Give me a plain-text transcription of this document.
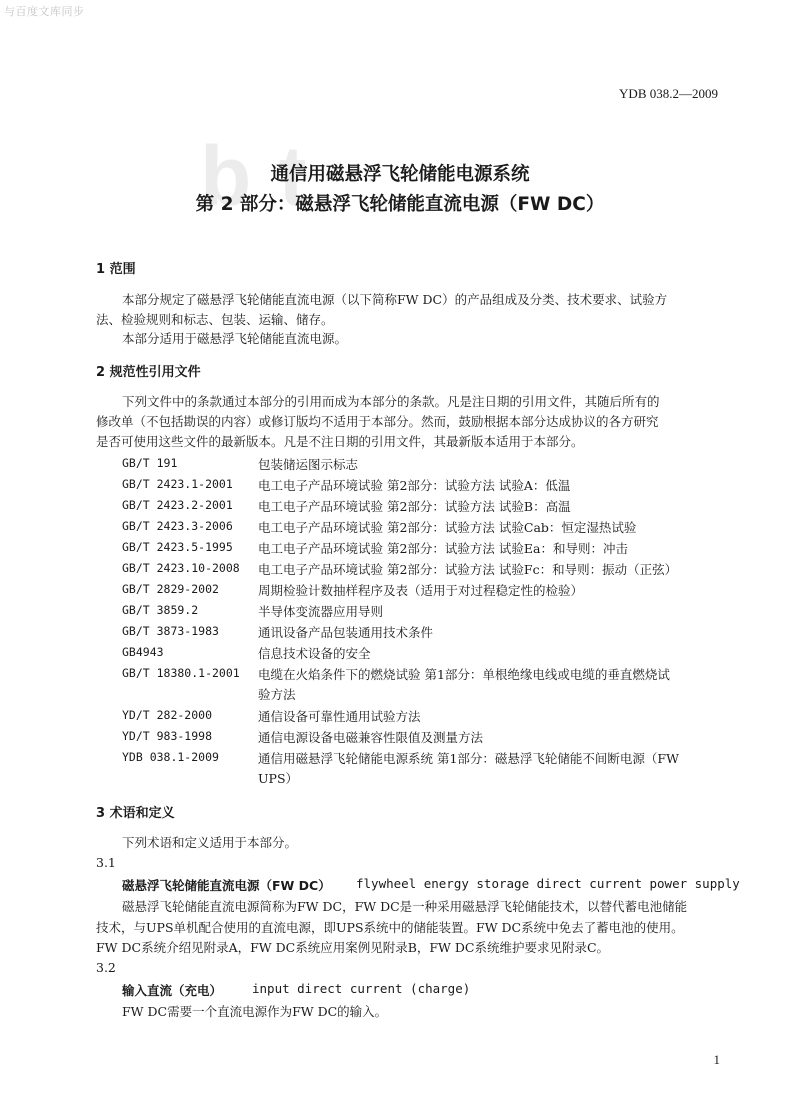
与百度文库同步
b t
YDB 038.2—2009
通信用磁悬浮飞轮储能电源系统
第 2 部分：磁悬浮飞轮储能直流电源（FW DC）
1 范围
本部分规定了磁悬浮飞轮储能直流电源（以下简称FW DC）的产品组成及分类、技术要求、试验方
法、检验规则和标志、包装、运输、储存。
本部分适用于磁悬浮飞轮储能直流电源。
2 规范性引用文件
下列文件中的条款通过本部分的引用而成为本部分的条款。凡是注日期的引用文件，其随后所有的
修改单（不包括勘误的内容）或修订版均不适用于本部分。然而，鼓励根据本部分达成协议的各方研究
是否可使用这些文件的最新版本。凡是不注日期的引用文件，其最新版本适用于本部分。
GB/T 191	包装储运图示标志
GB/T 2423.1-2001 电工电子产品环境试验 第2部分：试验方法 试验A：低温
GB/T 2423.2-2001 电工电子产品环境试验 第2部分：试验方法 试验B：高温
GB/T 2423.3-2006 电工电子产品环境试验 第2部分：试验方法 试验Cab：恒定湿热试验
GB/T 2423.5-1995 电工电子产品环境试验 第2部分：试验方法 试验Ea：和导则：冲击
GB/T 2423.10-2008 电工电子产品环境试验 第2部分：试验方法 试验Fc：和导则：振动（正弦）
GB/T 2829-2002	周期检验计数抽样程序及表（适用于对过程稳定性的检验）
GB/T 3859.2	半导体变流器应用导则
GB/T 3873-1983	通讯设备产品包装通用技术条件
GB4943	信息技术设备的安全
GB/T 18380.1-2001 电缆在火焰条件下的燃烧试验 第1部分：单根绝缘电线或电缆的垂直燃烧试
验方法
YD/T 282-2000	通信设备可靠性通用试验方法
YD/T 983-1998	通信电源设备电磁兼容性限值及测量方法
YDB 038.1-2009	通信用磁悬浮飞轮储能电源系统 第1部分：磁悬浮飞轮储能不间断电源（FW
UPS）
3 术语和定义
下列术语和定义适用于本部分。
3.1
磁悬浮飞轮储能直流电源（FW DC） flywheel energy storage direct current power supply
磁悬浮飞轮储能直流电源简称为FW DC，FW DC是一种采用磁悬浮飞轮储能技术，以替代蓄电池储能
技术，与UPS单机配合使用的直流电源，即UPS系统中的储能装置。FW DC系统中免去了蓄电池的使用。
FW DC系统介绍见附录A，FW DC系统应用案例见附录B，FW DC系统维护要求见附录C。
3.2
输入直流（充电） input direct current (charge)
FW DC需要一个直流电源作为FW DC的输入。
1
